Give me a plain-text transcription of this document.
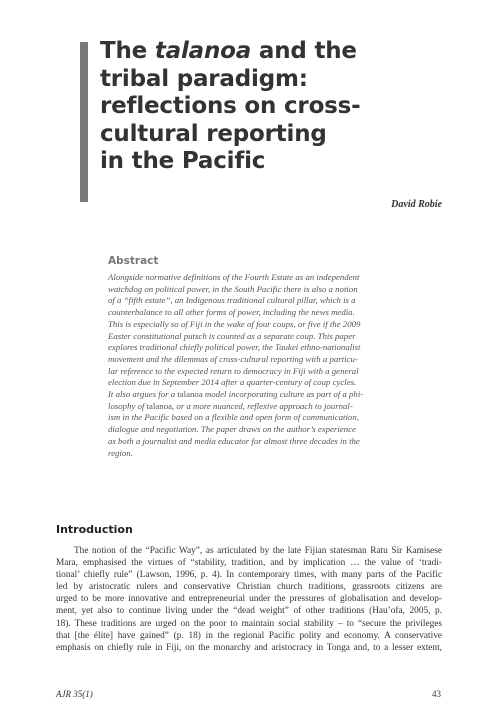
The talanoa and the
tribal paradigm:
reflections on cross-
cultural reporting
in the Pacific
David Robie
Abstract
Alongside normative definitions of the Fourth Estate as an independent
watchdog on political power, in the South Pacific there is also a notion
of a “fifth estate”, an Indigenous traditional cultural pillar, which is a
counterbalance to all other forms of power, including the news media.
This is especially so of Fiji in the wake of four coups, or five if the 2009
Easter constitutional putsch is counted as a separate coup. This paper
explores traditional chiefly political power, the Taukei ethno-nationalist
movement and the dilemmas of cross-cultural reporting with a particu-
lar reference to the expected return to democracy in Fiji with a general
election due in September 2014 after a quarter-century of coup cycles.
It also argues for a talanoa model incorporating culture as part of a phi-
losophy of talanoa, or a more nuanced, reflexive approach to journal-
ism in the Pacific based on a flexible and open form of communication,
dialogue and negotiation. The paper draws on the author’s experience
as both a journalist and media educator for almost three decades in the
region.
Introduction
The notion of the “Pacific Way”, as articulated by the late Fijian statesman Ratu Sir Kamisese
Mara, emphasised the virtues of “stability, tradition, and by implication … the value of ‘tradi-
tional’ chiefly rule” (Lawson, 1996, p. 4). In contemporary times, with many parts of the Pacific
led by aristocratic rulers and conservative Christian church traditions, grassroots citizens are
urged to be more innovative and entrepreneurial under the pressures of globalisation and develop-
ment, yet also to continue living under the “dead weight” of other traditions (Hau’ofa, 2005, p.
18). These traditions are urged on the poor to maintain social stability – to “secure the privileges
that [the élite] have gained” (p. 18) in the regional Pacific polity and economy. A conservative
emphasis on chiefly rule in Fiji, on the monarchy and aristocracy in Tonga and, to a lesser extent,
AJR 35(1)	43
